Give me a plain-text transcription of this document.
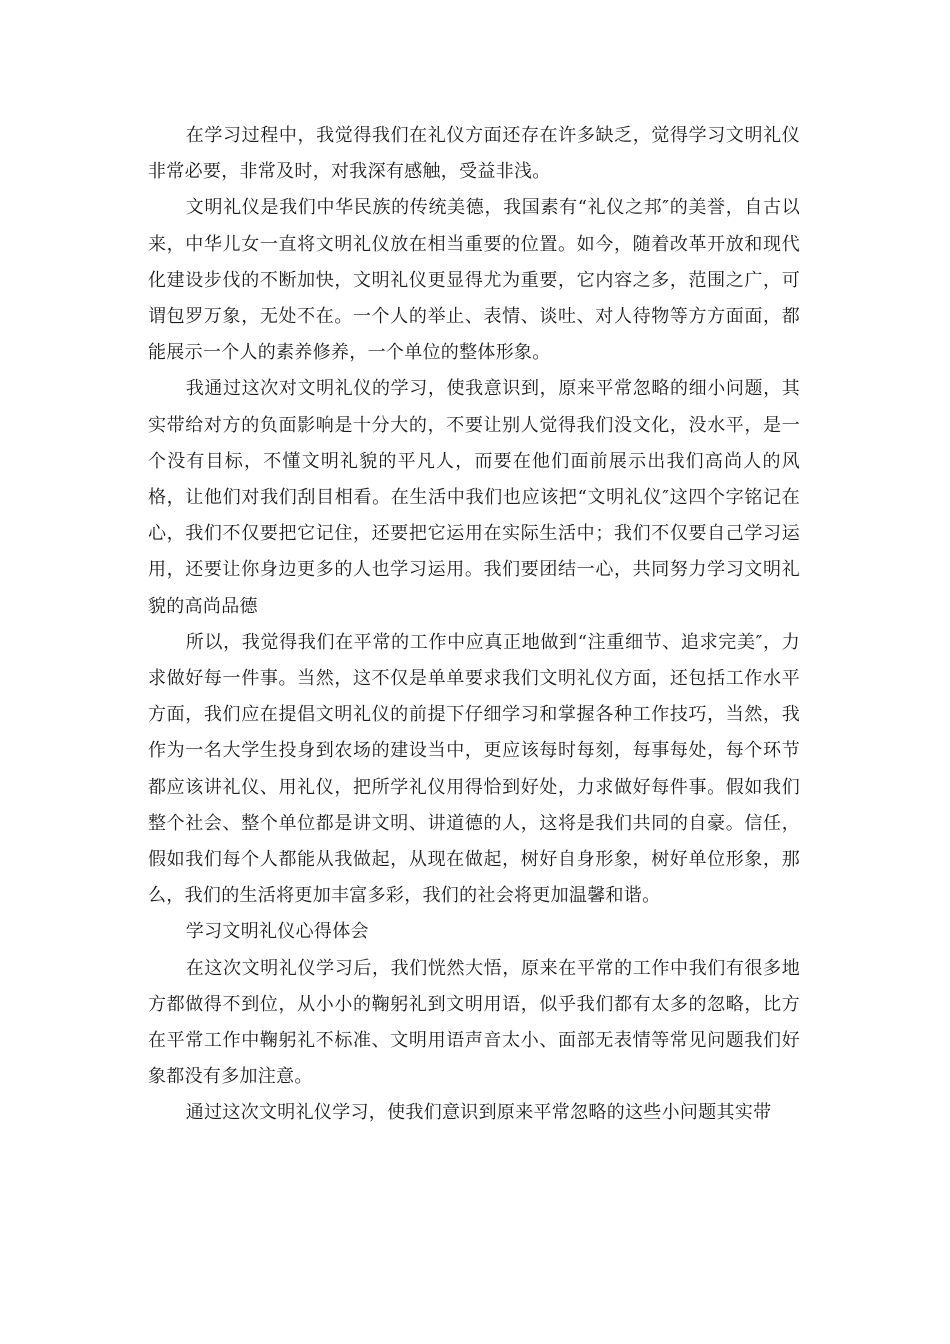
在学习过程中，我觉得我们在礼仪方面还存在许多缺乏，觉得学习文明礼仪非常必要，非常及时，对我深有感触，受益非浅。

文明礼仪是我们中华民族的传统美德，我国素有“礼仪之邦″的美誉，自古以来，中华儿女一直将文明礼仪放在相当重要的位置。如今，随着改革开放和现代化建设步伐的不断加快，文明礼仪更显得尤为重要，它内容之多，范围之广，可谓包罗万象，无处不在。一个人的举止、表情、谈吐、对人待物等方方面面，都能展示一个人的素养修养，一个单位的整体形象。

我通过这次对文明礼仪的学习，使我意识到，原来平常忽略的细小问题，其实带给对方的负面影响是十分大的，不要让别人觉得我们没文化，没水平，是一个没有目标，不懂文明礼貌的平凡人，而要在他们面前展示出我们高尚人的风格，让他们对我们刮目相看。在生活中我们也应该把“文明礼仪″这四个字铭记在心，我们不仅要把它记住，还要把它运用在实际生活中；我们不仅要自己学习运用，还要让你身边更多的人也学习运用。我们要团结一心，共同努力学习文明礼貌的高尚品德

所以，我觉得我们在平常的工作中应真正地做到“注重细节、追求完美″，力求做好每一件事。当然，这不仅是单单要求我们文明礼仪方面，还包括工作水平方面，我们应在提倡文明礼仪的前提下仔细学习和掌握各种工作技巧，当然，我作为一名大学生投身到农场的建设当中，更应该每时每刻，每事每处，每个环节都应该讲礼仪、用礼仪，把所学礼仪用得恰到好处，力求做好每件事。假如我们整个社会、整个单位都是讲文明、讲道德的人，这将是我们共同的自豪。信任，假如我们每个人都能从我做起，从现在做起，树好自身形象，树好单位形象，那么，我们的生活将更加丰富多彩，我们的社会将更加温馨和谐。

学习文明礼仪心得体会

在这次文明礼仪学习后，我们恍然大悟，原来在平常的工作中我们有很多地方都做得不到位，从小小的鞠躬礼到文明用语，似乎我们都有太多的忽略，比方在平常工作中鞠躬礼不标准、文明用语声音太小、面部无表情等常见问题我们好象都没有多加注意。

通过这次文明礼仪学习，使我们意识到原来平常忽略的这些小问题其实带
